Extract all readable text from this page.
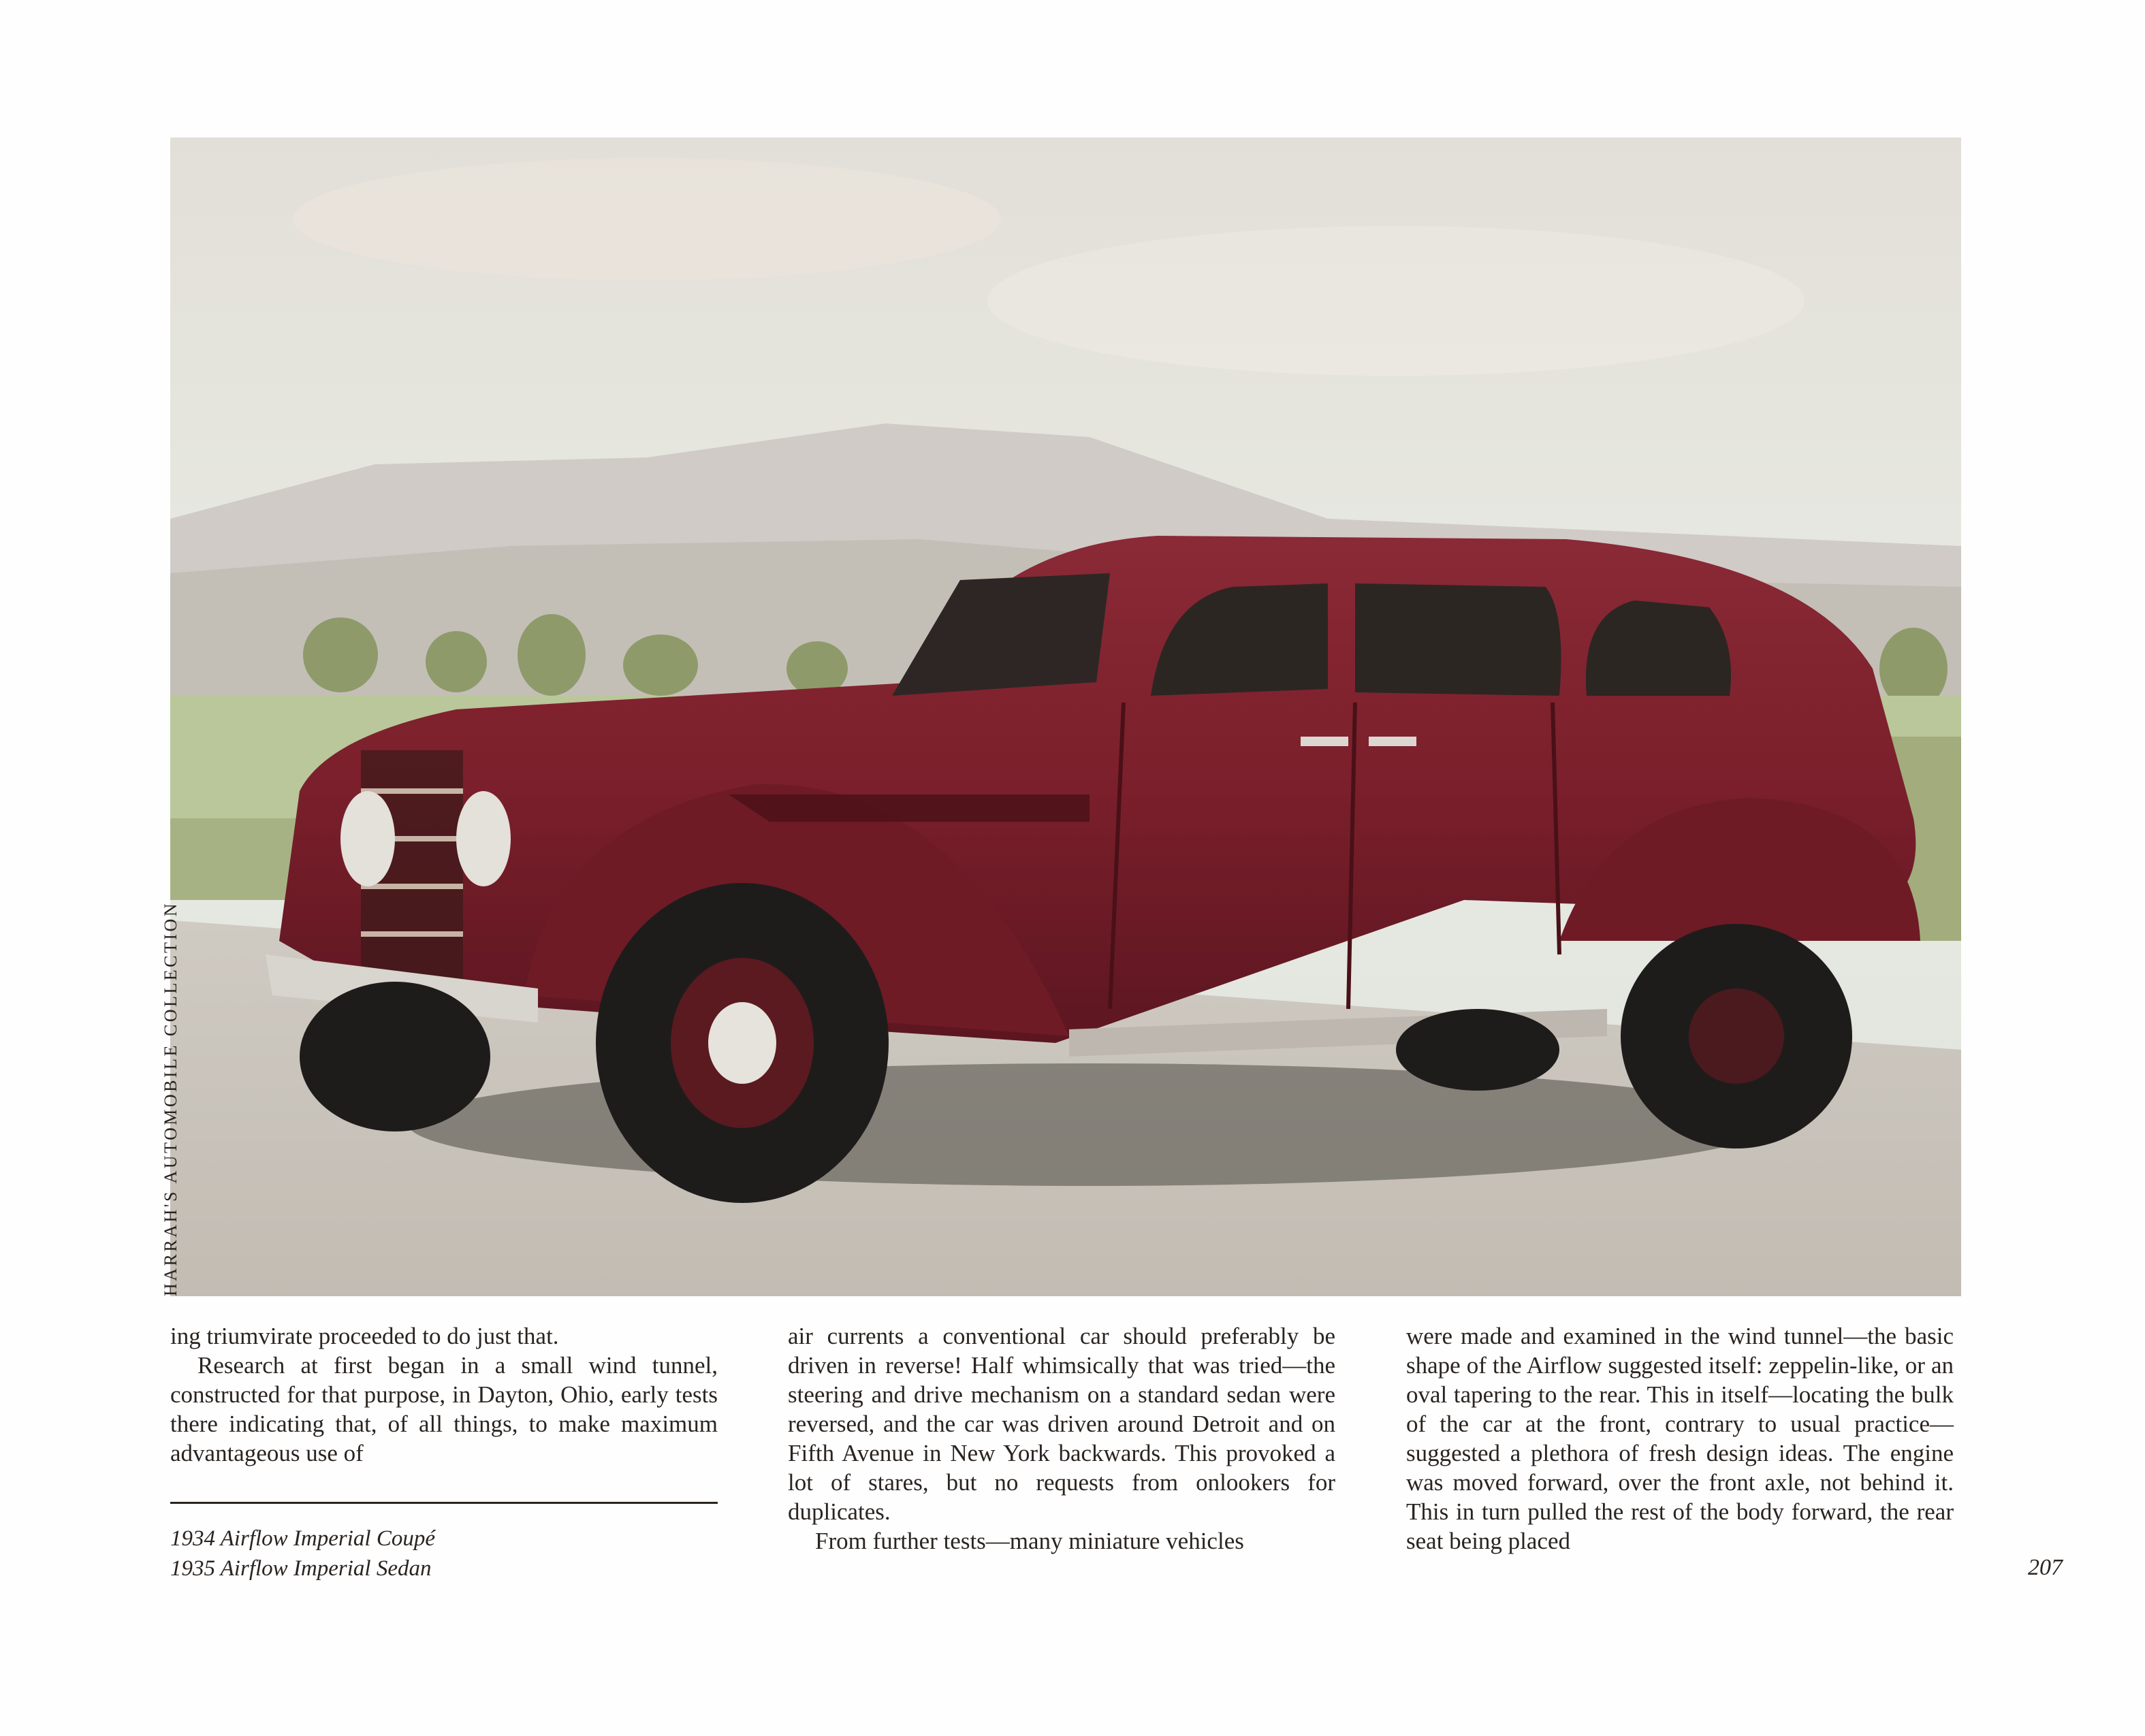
HARRAH'S AUTOMOBILE COLLECTION

ing triumvirate proceeded to do just that.

Research at first began in a small wind tunnel, constructed for that purpose, in Dayton, Ohio, early tests there indicating that, of all things, to make maximum advantageous use of

1934 Airflow Imperial Coupé
1935 Airflow Imperial Sedan

air currents a conventional car should preferably be driven in reverse! Half whimsically that was tried—the steering and drive mechanism on a standard sedan were reversed, and the car was driven around Detroit and on Fifth Avenue in New York backwards. This provoked a lot of stares, but no requests from onlookers for duplicates.

From further tests—many miniature vehicles

were made and examined in the wind tunnel—the basic shape of the Airflow suggested itself: zeppelin-like, or an oval tapering to the rear. This in itself—locating the bulk of the car at the front, contrary to usual practice—suggested a plethora of fresh design ideas. The engine was moved forward, over the front axle, not behind it. This in turn pulled the rest of the body forward, the rear seat being placed

207
